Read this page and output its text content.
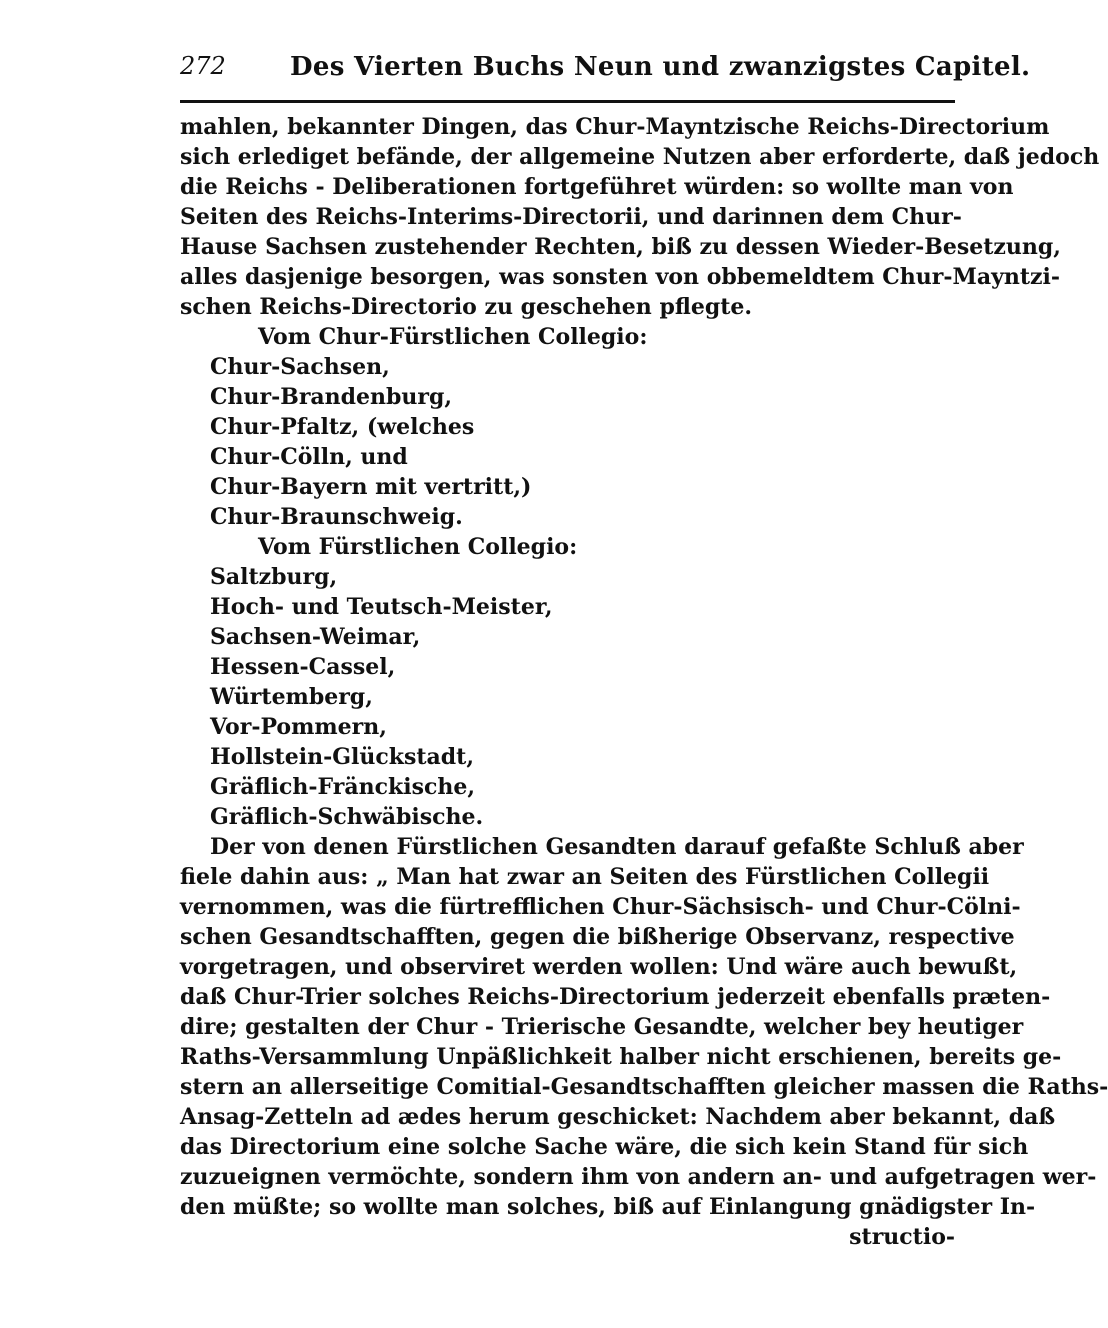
272 Des Vierten Buchs Neun und zwanzigstes Capitel.
mahlen, bekannter Dingen, das Chur-Mayntzische Reichs-Directorium
sich erlediget befände, der allgemeine Nutzen aber erforderte, daß jedoch
die Reichs - Deliberationen fortgeführet würden: so wollte man von
Seiten des Reichs-Interims-Directorii, und darinnen dem Chur-
Hause Sachsen zustehender Rechten, biß zu dessen Wieder-Besetzung,
alles dasjenige besorgen, was sonsten von obbemeldtem Chur-Mayntzi-
schen Reichs-Directorio zu geschehen pflegte.
Vom Chur-Fürstlichen Collegio:
Chur-Sachsen,
Chur-Brandenburg,
Chur-Pfaltz, (welches
Chur-Cölln, und
Chur-Bayern mit vertritt,)
Chur-Braunschweig.
Vom Fürstlichen Collegio:
Saltzburg,
Hoch- und Teutsch-Meister,
Sachsen-Weimar,
Hessen-Cassel,
Würtemberg,
Vor-Pommern,
Hollstein-Glückstadt,
Gräflich-Fränckische,
Gräflich-Schwäbische.
Der von denen Fürstlichen Gesandten darauf gefaßte Schluß aber
fiele dahin aus: „ Man hat zwar an Seiten des Fürstlichen Collegii
vernommen, was die fürtrefflichen Chur-Sächsisch- und Chur-Cölni-
schen Gesandtschafften, gegen die bißherige Observanz, respective
vorgetragen, und observiret werden wollen: Und wäre auch bewußt,
daß Chur-Trier solches Reichs-Directorium jederzeit ebenfalls præten-
dire; gestalten der Chur - Trierische Gesandte, welcher bey heutiger
Raths-Versammlung Unpäßlichkeit halber nicht erschienen, bereits ge-
stern an allerseitige Comitial-Gesandtschafften gleicher massen die Raths-
Ansag-Zetteln ad ædes herum geschicket: Nachdem aber bekannt, daß
das Directorium eine solche Sache wäre, die sich kein Stand für sich
zuzueignen vermöchte, sondern ihm von andern an- und aufgetragen wer-
den müßte; so wollte man solches, biß auf Einlangung gnädigster In-
structio-
